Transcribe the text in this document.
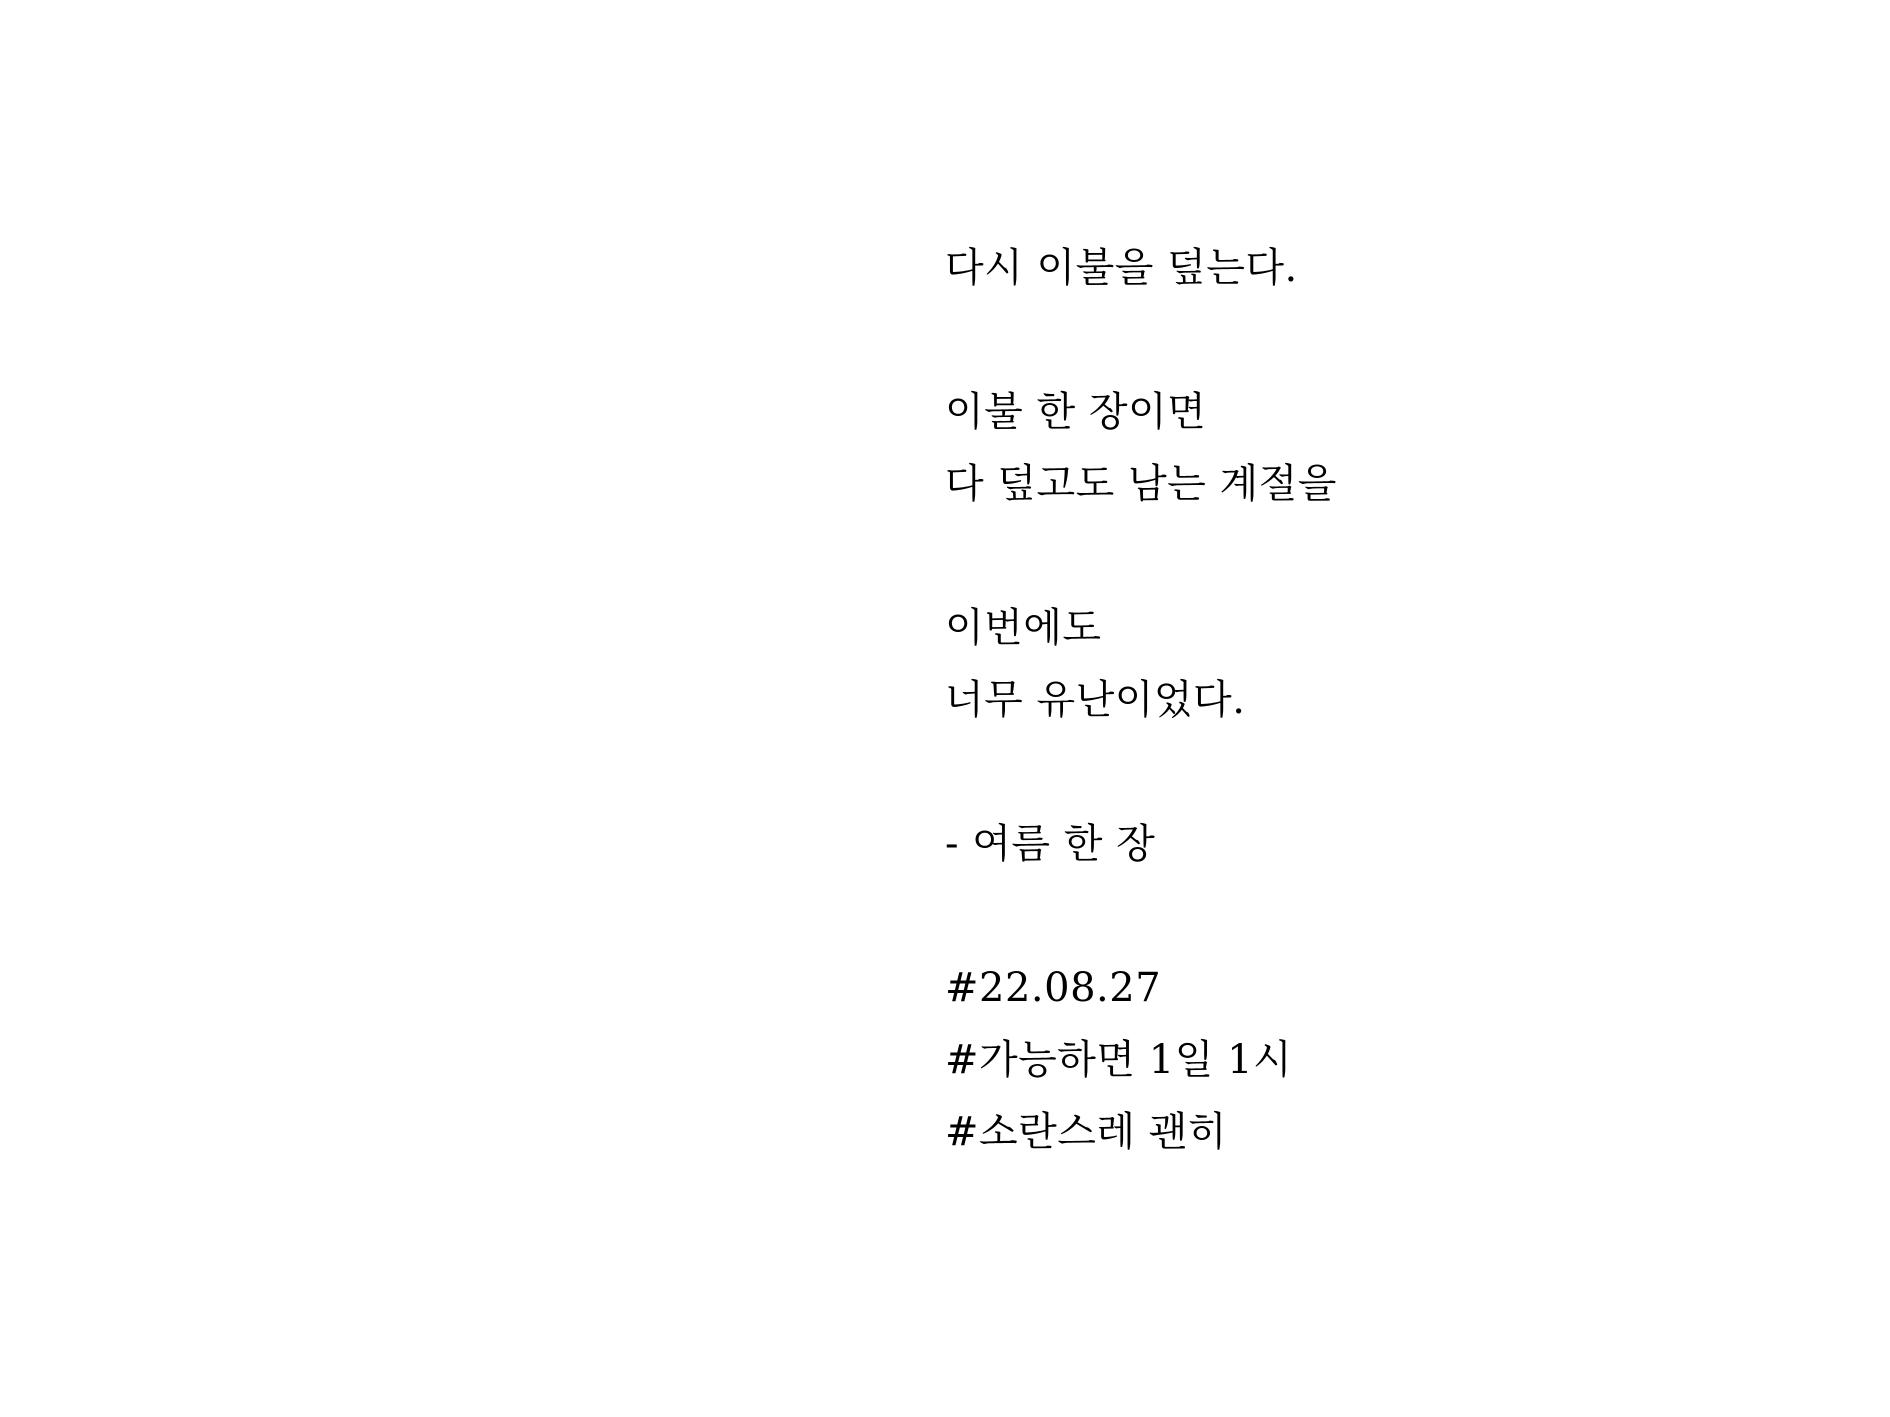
다시 이불을 덮는다.
이불 한 장이면
다 덮고도 남는 계절을
이번에도
너무 유난이었다.
- 여름 한 장
#22.08.27
#가능하면 1일 1시
#소란스레 괜히
